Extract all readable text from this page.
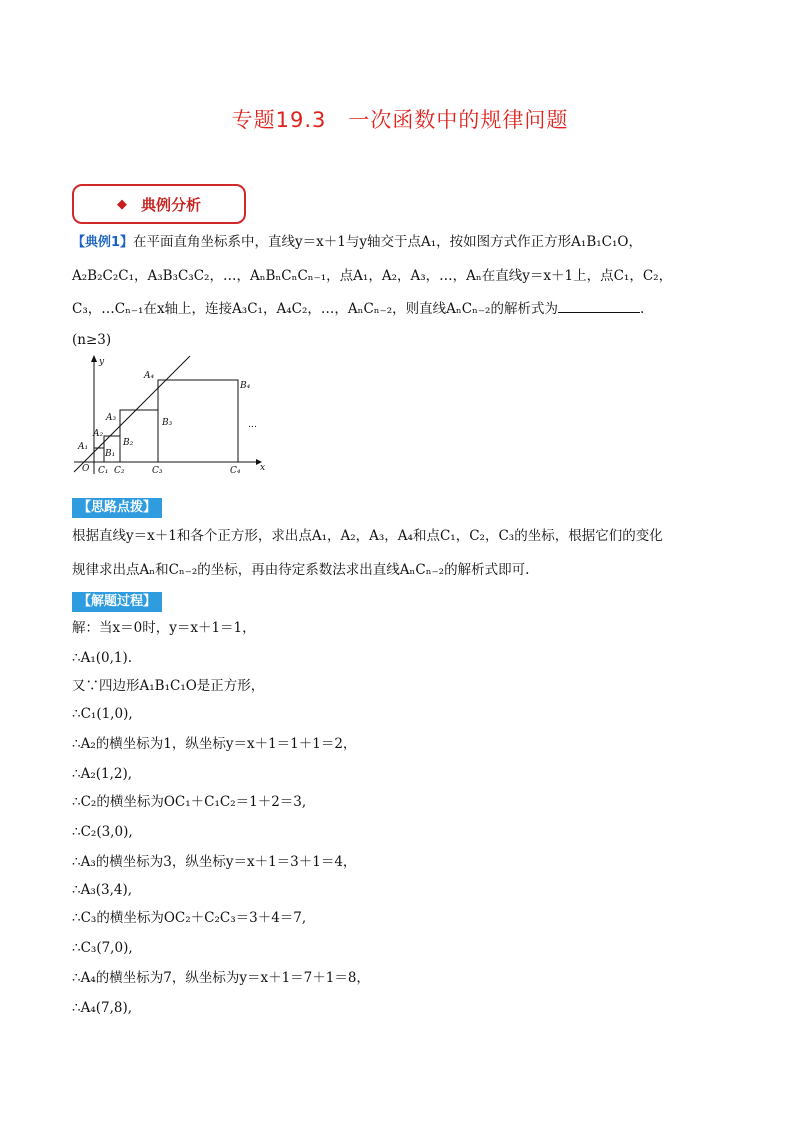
专题19.3　一次函数中的规律问题
◆ 典例分析
【典例1】在平面直角坐标系中，直线y＝x＋1与y轴交于点A₁，按如图方式作正方形A₁B₁C₁O，
A₂B₂C₂C₁，A₃B₃C₃C₂，…，AₙBₙCₙCₙ₋₁，点A₁，A₂，A₃，…，Aₙ在直线y＝x＋1上，点C₁，C₂，
C₃，…Cₙ₋₁在x轴上，连接A₃C₁，A₄C₂，…，AₙCₙ₋₂，则直线AₙCₙ₋₂的解析式为	.
(n≥3)
y
x
O
A₁
A₂
A₃
A₄
B₁
B₂
B₃
B₄
C₁ C₂	C₃	C₄
…
【思路点拨】
根据直线y＝x＋1和各个正方形，求出点A₁，A₂，A₃，A₄和点C₁，C₂，C₃的坐标，根据它们的变化
规律求出点Aₙ和Cₙ₋₂的坐标，再由待定系数法求出直线AₙCₙ₋₂的解析式即可.
【解题过程】
解：当x＝0时，y＝x＋1＝1，
∴A₁(0,1).
又∵四边形A₁B₁C₁O是正方形，
∴C₁(1,0),
∴A₂的横坐标为1，纵坐标y＝x＋1＝1＋1＝2，
∴A₂(1,2),
∴C₂的横坐标为OC₁＋C₁C₂＝1＋2＝3,
∴C₂(3,0),
∴A₃的横坐标为3，纵坐标y＝x＋1＝3＋1＝4，
∴A₃(3,4),
∴C₃的横坐标为OC₂＋C₂C₃＝3＋4＝7,
∴C₃(7,0),
∴A₄的横坐标为7，纵坐标为y＝x＋1＝7＋1＝8，
∴A₄(7,8),
